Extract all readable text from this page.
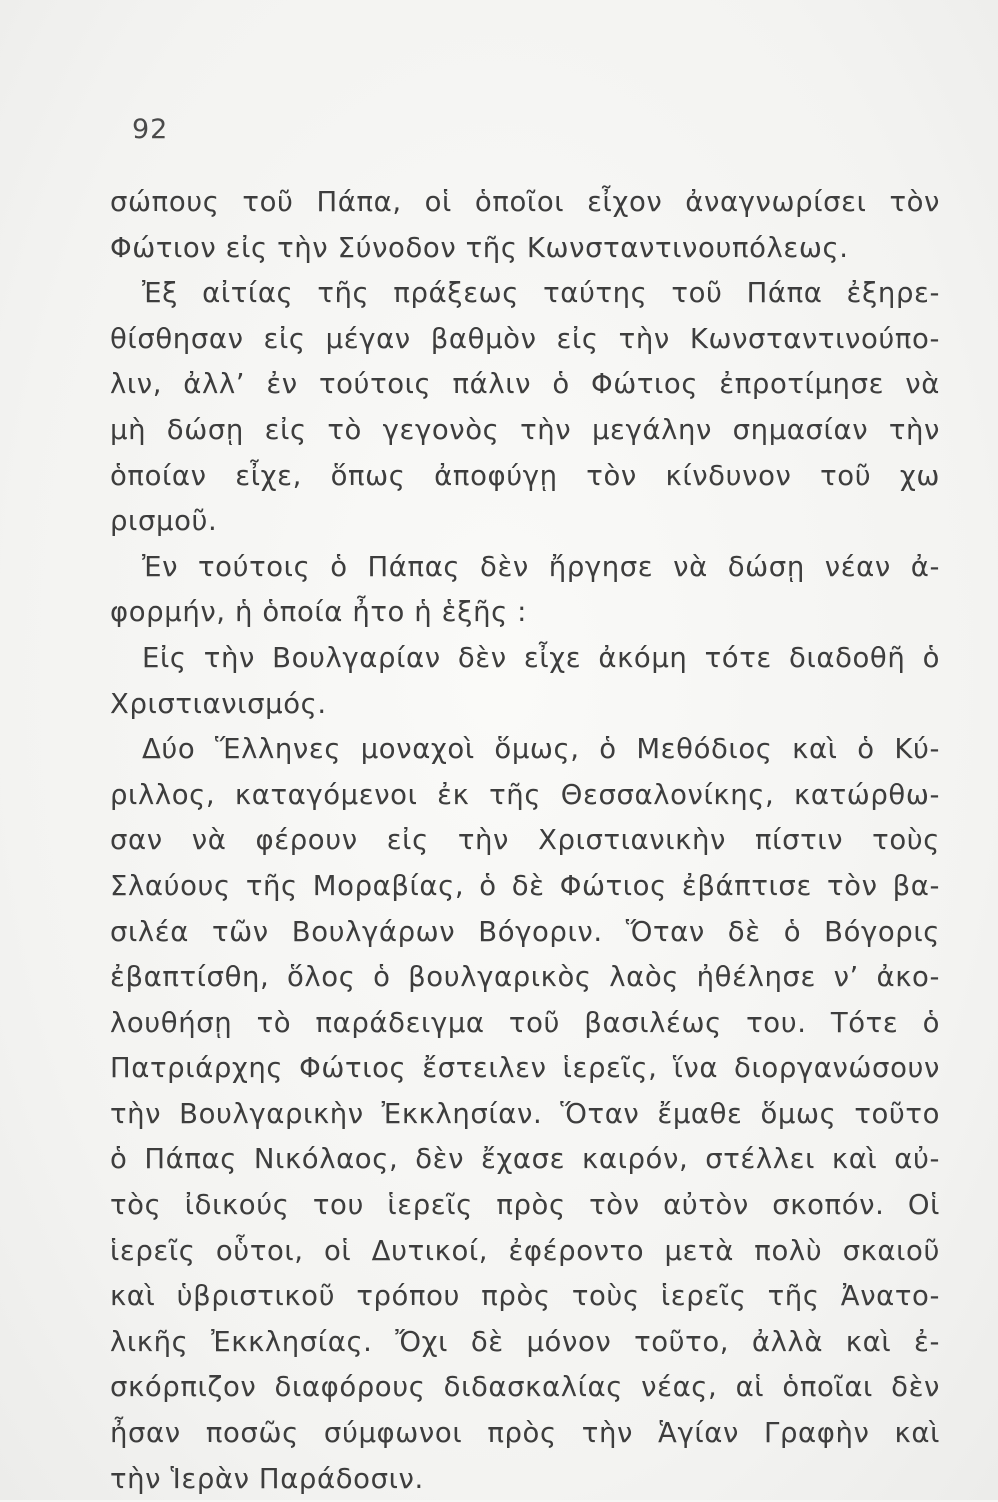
92
σώπους τοῦ Πάπα, οἱ ὁποῖοι εἶχον ἀναγνωρίσει τὸν
Φώτιον εἰς τὴν Σύνοδον τῆς Κωνσταντινουπόλεως.
Ἐξ αἰτίας τῆς πράξεως ταύτης τοῦ Πάπα ἐξηρε-
θίσθησαν εἰς μέγαν βαθμὸν εἰς τὴν Κωνσταντινούπο-
λιν, ἀλλ’ ἐν τούτοις πάλιν ὁ Φώτιος ἐπροτίμησε νὰ
μὴ δώσῃ εἰς τὸ γεγονὸς τὴν μεγάλην σημασίαν τὴν
ὁποίαν εἶχε, ὅπως ἀποφύγῃ τὸν κίνδυνον τοῦ χω
ρισμοῦ.
Ἐν τούτοις ὁ Πάπας δὲν ἤργησε νὰ δώσῃ νέαν ἀ-
φορμήν, ἡ ὁποία ἦτο ἡ ἑξῆς :
Εἰς τὴν Βουλγαρίαν δὲν εἶχε ἀκόμη τότε διαδοθῆ ὁ
Χριστιανισμός.
Δύο Ἕλληνες μοναχοὶ ὅμως, ὁ Μεθόδιος καὶ ὁ Κύ-
ριλλος, καταγόμενοι ἐκ τῆς Θεσσαλονίκης, κατώρθω-
σαν νὰ φέρουν εἰς τὴν Χριστιανικὴν πίστιν τοὺς
Σλαύους τῆς Μοραβίας, ὁ δὲ Φώτιος ἐβάπτισε τὸν βα-
σιλέα τῶν Βουλγάρων Βόγοριν. Ὅταν δὲ ὁ Βόγορις
ἐβαπτίσθη, ὅλος ὁ βουλγαρικὸς λαὸς ἠθέλησε ν’ ἀκο-
λουθήσῃ τὸ παράδειγμα τοῦ βασιλέως του. Τότε ὁ
Πατριάρχης Φώτιος ἔστειλεν ἱερεῖς, ἵνα διοργανώσουν
τὴν Βουλγαρικὴν Ἐκκλησίαν. Ὅταν ἔμαθε ὅμως τοῦτο
ὁ Πάπας Νικόλαος, δὲν ἔχασε καιρόν, στέλλει καὶ αὐ-
τὸς ἰδικούς του ἱερεῖς πρὸς τὸν αὐτὸν σκοπόν. Οἱ
ἱερεῖς οὗτοι, οἱ Δυτικοί, ἐφέροντο μετὰ πολὺ σκαιοῦ
καὶ ὑβριστικοῦ τρόπου πρὸς τοὺς ἱερεῖς τῆς Ἀνατο-
λικῆς Ἐκκλησίας. Ὄχι δὲ μόνον τοῦτο, ἀλλὰ καὶ ἐ-
σκόρπιζον διαφόρους διδασκαλίας νέας, αἱ ὁποῖαι δὲν
ἦσαν ποσῶς σύμφωνοι πρὸς τὴν Ἁγίαν Γραφὴν καὶ
τὴν Ἱερὰν Παράδοσιν.
